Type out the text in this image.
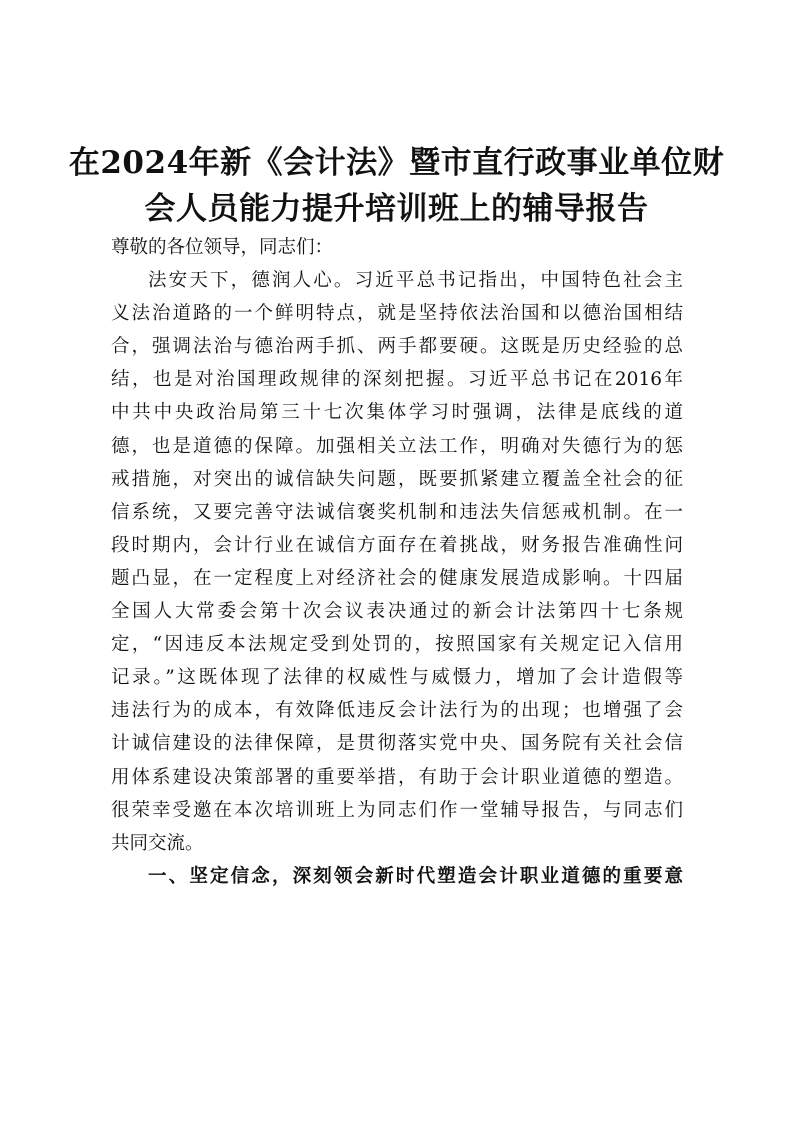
在2024年新《会计法》暨市直行政事业单位财
会人员能力提升培训班上的辅导报告
尊敬的各位领导，同志们：
法安天下，德润人心。习近平总书记指出，中国特色社会主
义法治道路的一个鲜明特点，就是坚持依法治国和以德治国相结
合，强调法治与德治两手抓、两手都要硬。这既是历史经验的总
结，也是对治国理政规律的深刻把握。习近平总书记在2016年
中共中央政治局第三十七次集体学习时强调，法律是底线的道
德，也是道德的保障。加强相关立法工作，明确对失德行为的惩
戒措施，对突出的诚信缺失问题，既要抓紧建立覆盖全社会的征
信系统，又要完善守法诚信褒奖机制和违法失信惩戒机制。在一
段时期内，会计行业在诚信方面存在着挑战，财务报告准确性问
题凸显，在一定程度上对经济社会的健康发展造成影响。十四届
全国人大常委会第十次会议表决通过的新会计法第四十七条规
定，“因违反本法规定受到处罚的，按照国家有关规定记入信用
记录。”这既体现了法律的权威性与威慑力，增加了会计造假等
违法行为的成本，有效降低违反会计法行为的出现；也增强了会
计诚信建设的法律保障，是贯彻落实党中央、国务院有关社会信
用体系建设决策部署的重要举措，有助于会计职业道德的塑造。
很荣幸受邀在本次培训班上为同志们作一堂辅导报告，与同志们
共同交流。
一、坚定信念，深刻领会新时代塑造会计职业道德的重要意
